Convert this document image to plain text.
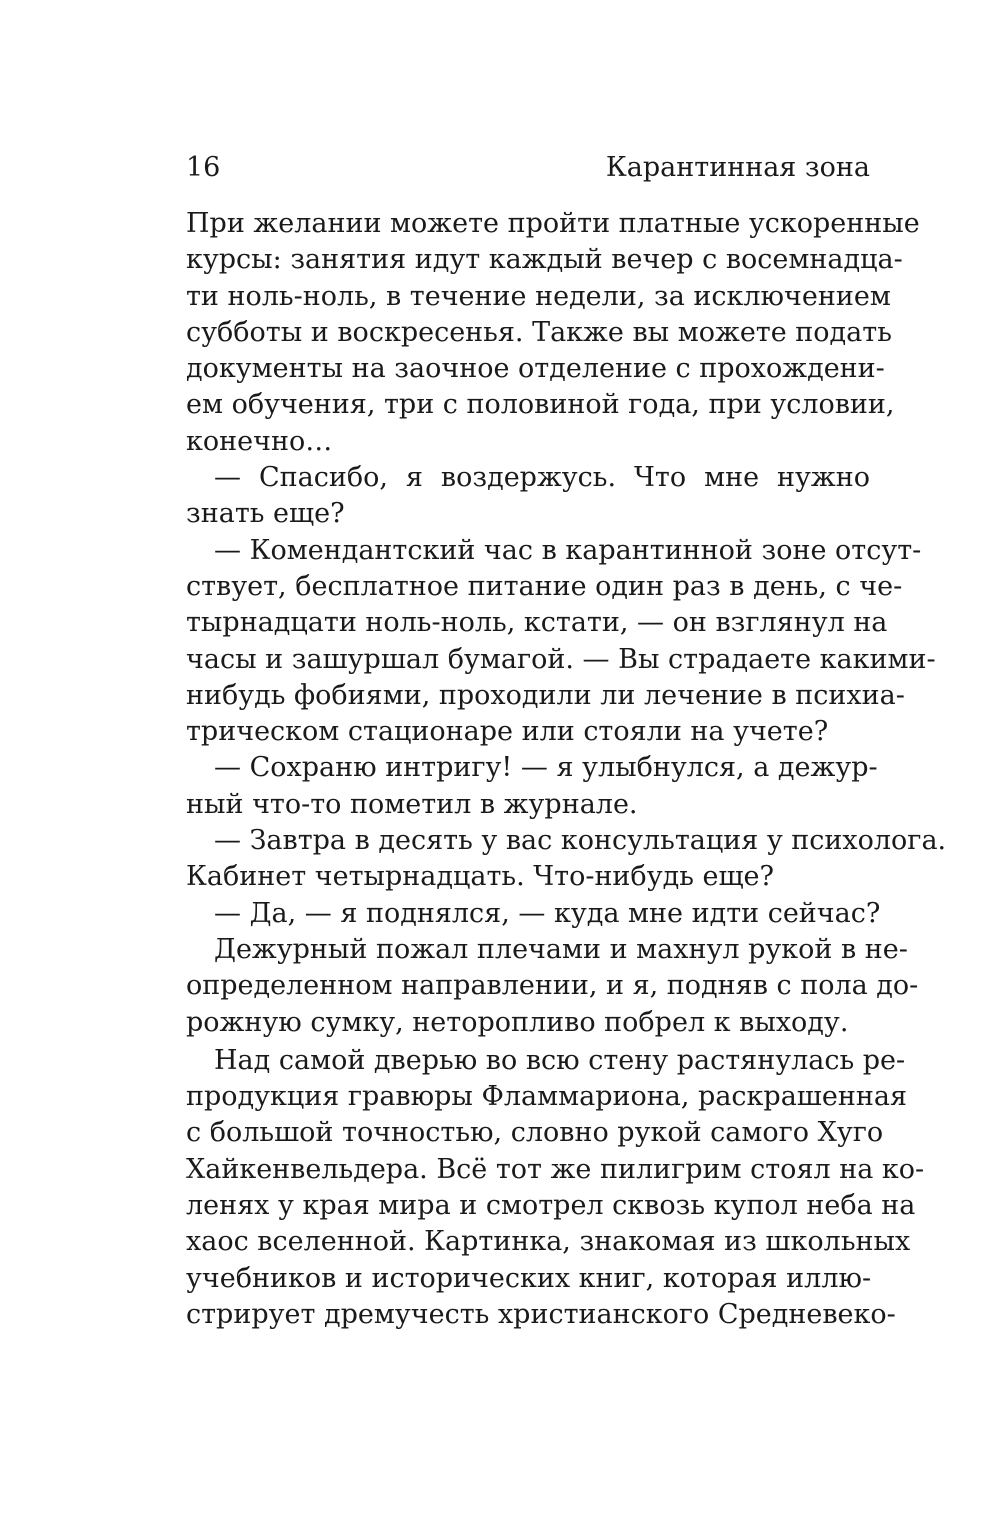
16	Карантинная зона
При желании можете пройти платные ускоренные
курсы: занятия идут каждый вечер с восемнадца-
ти ноль-ноль, в течение недели, за исключением
субботы и воскресенья. Также вы можете подать
документы на заочное отделение с прохождени-
ем обучения, три с половиной года, при условии,
конечно…
— Спасибо, я воздержусь. Что мне нужно
знать еще?
— Комендантский час в карантинной зоне отсут-
ствует, бесплатное питание один раз в день, с че-
тырнадцати ноль-ноль, кстати, — он взглянул на
часы и зашуршал бумагой. — Вы страдаете какими-
нибудь фобиями, проходили ли лечение в психиа-
трическом стационаре или стояли на учете?
— Сохраню интригу! — я улыбнулся, а дежур-
ный что-то пометил в журнале.
— Завтра в десять у вас консультация у психолога.
Кабинет четырнадцать. Что-нибудь еще?
— Да, — я поднялся, — куда мне идти сейчас?
Дежурный пожал плечами и махнул рукой в не-
определенном направлении, и я, подняв с пола до-
рожную сумку, неторопливо побрел к выходу.
Над самой дверью во всю стену растянулась ре-
продукция гравюры Фламмариона, раскрашенная
с большой точностью, словно рукой самого Хуго
Хайкенвельдера. Всё тот же пилигрим стоял на ко-
ленях у края мира и смотрел сквозь купол неба на
хаос вселенной. Картинка, знакомая из школьных
учебников и исторических книг, которая иллю-
стрирует дремучесть христианского Средневеко-
